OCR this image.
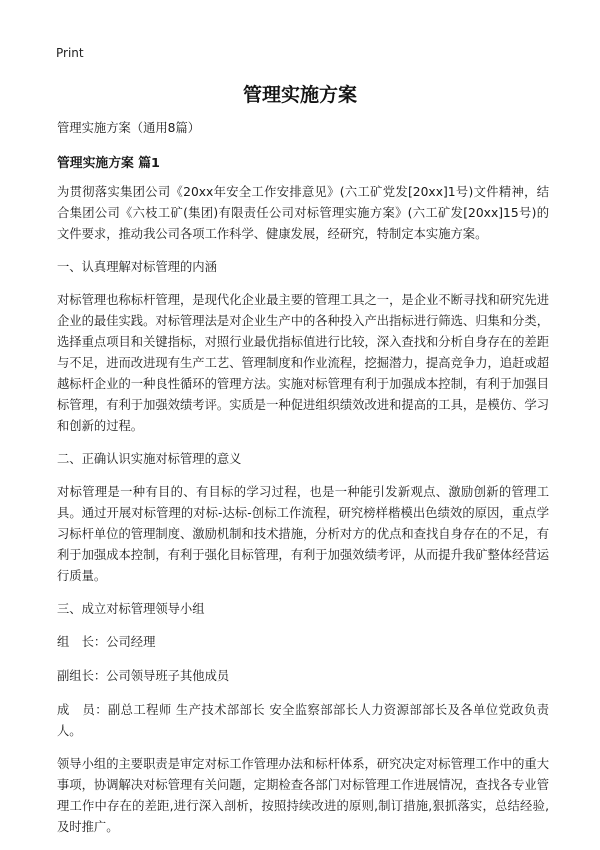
Print
管理实施方案

管理实施方案（通用8篇）

管理实施方案 篇1

为贯彻落实集团公司《20xx年安全工作安排意见》(六工矿党发[20xx]1号)文件精神，结合集团公司《六枝工矿(集团)有限责任公司对标管理实施方案》(六工矿发[20xx]15号)的文件要求，推动我公司各项工作科学、健康发展，经研究，特制定本实施方案。

一、认真理解对标管理的内涵

对标管理也称标杆管理，是现代化企业最主要的管理工具之一，是企业不断寻找和研究先进企业的最佳实践。对标管理法是对企业生产中的各种投入产出指标进行筛选、归集和分类，选择重点项目和关键指标，对照行业最优指标值进行比较，深入查找和分析自身存在的差距与不足，进而改进现有生产工艺、管理制度和作业流程，挖掘潜力，提高竞争力，追赶或超越标杆企业的一种良性循环的管理方法。实施对标管理有利于加强成本控制，有利于加强目标管理，有利于加强效绩考评。实质是一种促进组织绩效改进和提高的工具，是模仿、学习和创新的过程。

二、正确认识实施对标管理的意义

对标管理是一种有目的、有目标的学习过程，也是一种能引发新观点、激励创新的管理工具。通过开展对标管理的对标-达标-创标工作流程，研究榜样楷模出色绩效的原因，重点学习标杆单位的管理制度、激励机制和技术措施，分析对方的优点和查找自身存在的不足，有利于加强成本控制，有利于强化目标管理，有利于加强效绩考评，从而提升我矿整体经营运行质量。

三、成立对标管理领导小组

组　长：公司经理

副组长：公司领导班子其他成员

成　员：副总工程师 生产技术部部长 安全监察部部长人力资源部部长及各单位党政负责人。

领导小组的主要职责是审定对标工作管理办法和标杆体系，研究决定对标管理工作中的重大事项，协调解决对标管理有关问题，定期检查各部门对标管理工作进展情况，查找各专业管理工作中存在的差距,进行深入剖析，按照持续改进的原则,制订措施,狠抓落实，总结经验,及时推广。
